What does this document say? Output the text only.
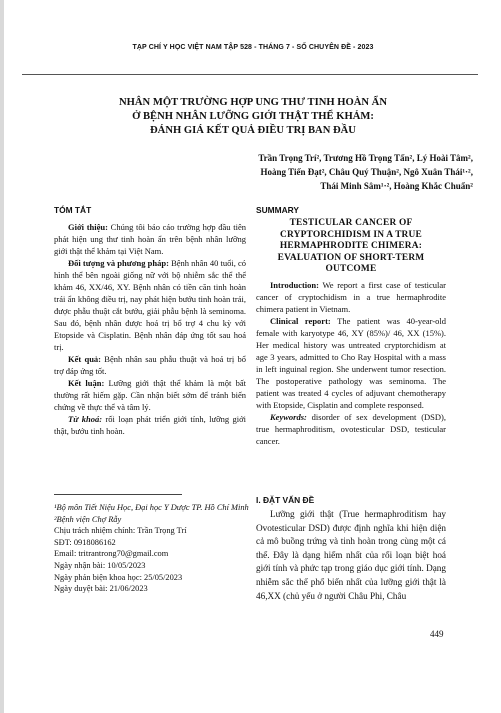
TẠP CHÍ Y HỌC VIỆT NAM TẬP 528 - THÁNG 7 - SỐ CHUYÊN ĐỀ - 2023
NHÂN MỘT TRƯỜNG HỢP UNG THƯ TINH HOÀN ẨN
Ở BỆNH NHÂN LƯỠNG GIỚI THẬT THỂ KHẢM:
ĐÁNH GIÁ KẾT QUẢ ĐIỀU TRỊ BAN ĐẦU
Trần Trọng Trí², Trương Hồ Trọng Tấn², Lý Hoài Tâm²,
Hoàng Tiến Đạt², Châu Quý Thuận², Ngô Xuân Thái¹·²,
Thái Minh Sâm¹·², Hoàng Khắc Chuẩn²
TÓM TẮT

Giới thiệu: Chúng tôi báo cáo trường hợp đầu tiên phát hiện ung thư tinh hoàn ẩn trên bệnh nhân lưỡng giới thật thể khảm tại Việt Nam.

Đối tượng và phương pháp: Bệnh nhân 40 tuổi, có hình thể bên ngoài giống nữ với bộ nhiễm sắc thể thể khảm 46, XX/46, XY. Bệnh nhân có tiền căn tinh hoàn trái ẩn không điều trị, nay phát hiện bướu tinh hoàn trái, được phẫu thuật cắt bướu, giải phẫu bệnh là seminoma. Sau đó, bệnh nhân được hoá trị bổ trợ 4 chu kỳ với Etopside và Cisplatin. Bệnh nhân đáp ứng tốt sau hoá trị.

Kết quả: Bệnh nhân sau phẫu thuật và hoá trị bổ trợ đáp ứng tốt.

Kết luận: Lưỡng giới thật thể khảm là một bất thường rất hiếm gặp. Cần nhận biết sớm để tránh biến chứng về thực thể và tâm lý.

Từ khoá: rối loạn phát triển giới tính, lưỡng giới thật, bướu tinh hoàn.

¹Bộ môn Tiết Niệu Học, Đại học Y Dược TP. Hồ Chí Minh
²Bệnh viện Chợ Rẫy
Chịu trách nhiệm chính: Trần Trọng Trí
SĐT: 0918086162
Email: tritrantrong70@gmail.com
Ngày nhận bài: 10/05/2023
Ngày phản biện khoa học: 25/05/2023
Ngày duyệt bài: 21/06/2023
SUMMARY
TESTICULAR CANCER OF
CRYPTORCHIDISM IN A TRUE
HERMAPHRODITE CHIMERA:
EVALUATION OF SHORT-TERM
OUTCOME

Introduction: We report a first case of testicular cancer of cryptochidism in a true hermaphrodite chimera patient in Vietnam.

Clinical report: The patient was 40-year-old female with karyotype 46, XY (85%)/ 46, XX (15%). Her medical history was untreated cryptorchidism at age 3 years, admitted to Cho Ray Hospital with a mass in left inguinal region. She underwent tumor resection. The postoperative pathology was seminoma. The patient was treated 4 cycles of adjuvant chemotherapy with Etopside, Cisplatin and complete responsed.

Keywords: disorder of sex development (DSD), true hermaphroditism, ovotesticular DSD, testicular cancer.

I. ĐẶT VẤN ĐỀ

Lưỡng giới thật (True hermaphroditism hay Ovotesticular DSD) được định nghĩa khi hiện diện cả mô buồng trứng và tinh hoàn trong cùng một cá thể. Đây là dạng hiếm nhất của rối loạn biệt hoá giới tính và phức tạp trong giáo dục giới tính. Dạng nhiễm sắc thể phổ biến nhất của lưỡng giới thật là 46,XX (chủ yếu ở người Châu Phi, Châu

449
